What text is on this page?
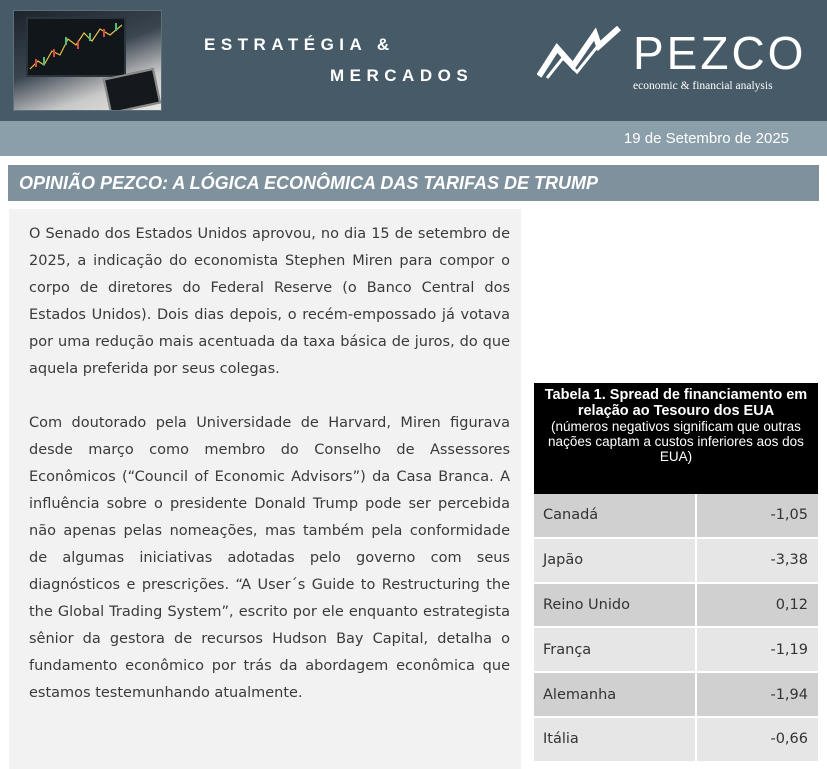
ESTRATÉGIA &
MERCADOS	PEZCO
economic & financial analysis
19 de Setembro de 2025
OPINIÃO PEZCO: A LÓGICA ECONÔMICA DAS TARIFAS DE TRUMP

O Senado dos Estados Unidos aprovou, no dia 15 de setembro de 2025, a indicação do economista Stephen Miren para compor o corpo de diretores do Federal Reserve (o Banco Central dos Estados Unidos). Dois dias depois, o recém-empossado já votava por uma redução mais acentuada da taxa básica de juros, do que aquela preferida por seus colegas.

Com doutorado pela Universidade de Harvard, Miren figurava desde março como membro do Conselho de Assessores Econômicos (“Council of Economic Advisors”) da Casa Branca. A influência sobre o presidente Donald Trump pode ser percebida não apenas pelas nomeações, mas também pela conformidade de algumas iniciativas adotadas pelo governo com seus diagnósticos e prescrições. “A User´s Guide to Restructuring the the Global Trading System”, escrito por ele enquanto estrategista sênior da gestora de recursos Hudson Bay Capital, detalha o fundamento econômico por trás da abordagem econômica que estamos testemunhando atualmente.

Tabela 1. Spread de financiamento em relação ao Tesouro dos EUA
(números negativos significam que outras nações captam a custos inferiores aos dos EUA)
Canadá	-1,05
Japão	-3,38
Reino Unido	0,12
França	-1,19
Alemanha	-1,94
Itália	-0,66
